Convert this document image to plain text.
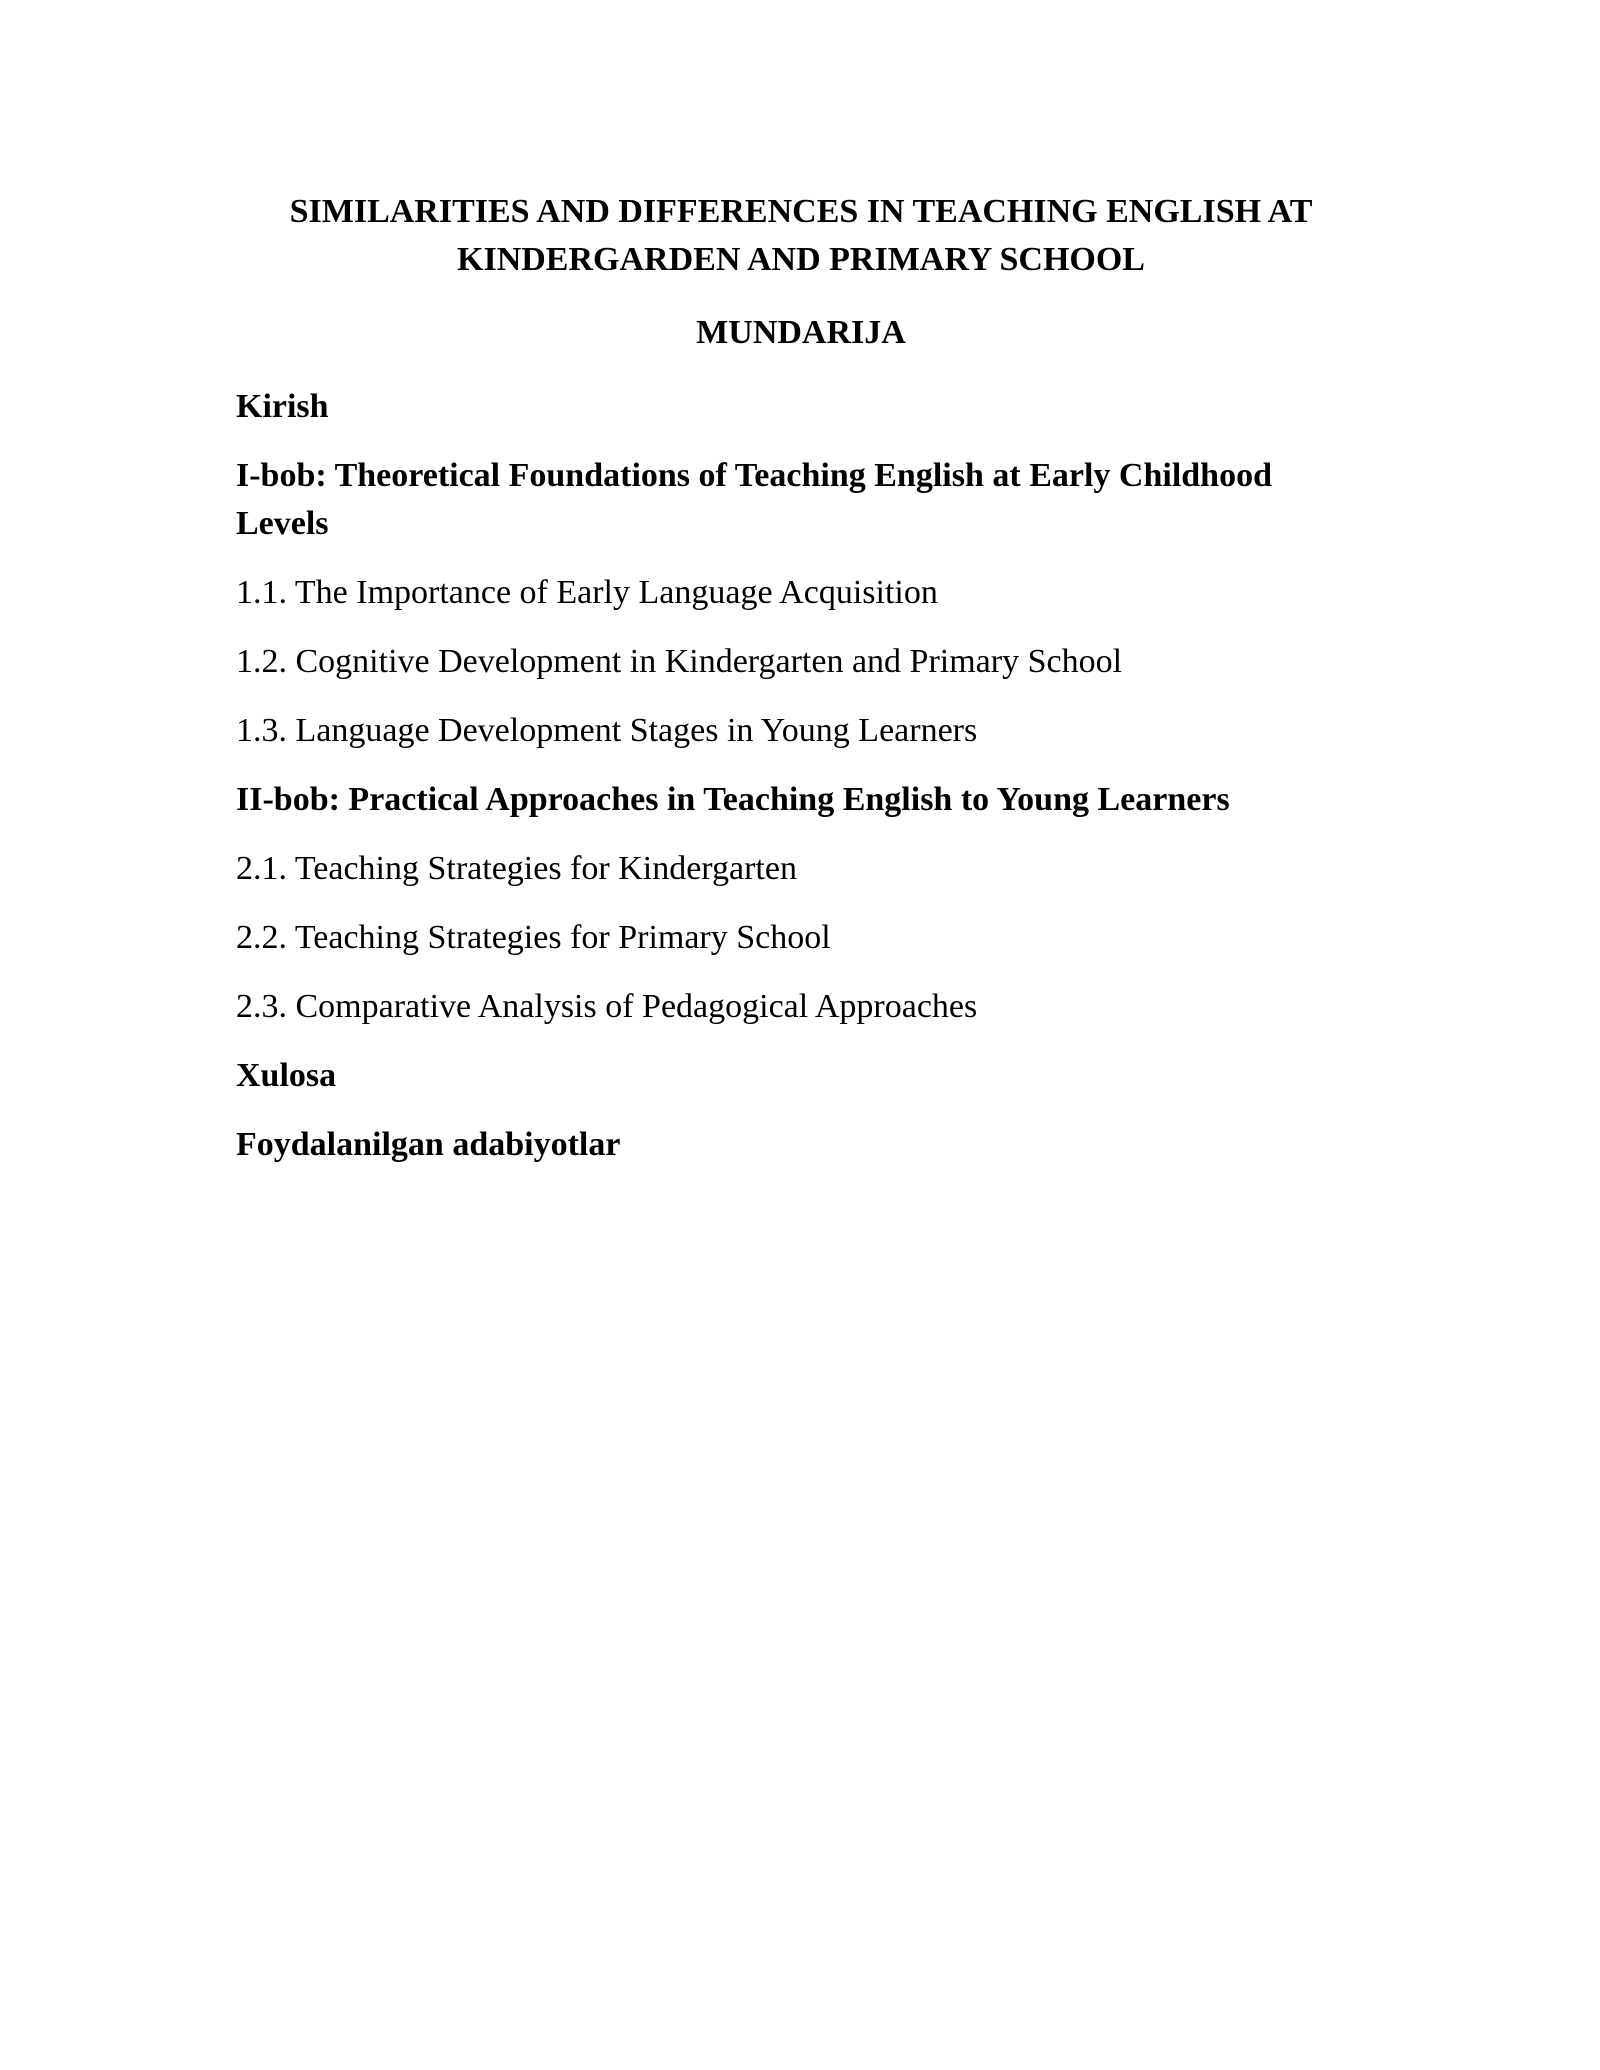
SIMILARITIES AND DIFFERENCES IN TEACHING ENGLISH AT
KINDERGARDEN AND PRIMARY SCHOOL
MUNDARIJA
Kirish
I-bob: Theoretical Foundations of Teaching English at Early Childhood Levels
1.1. The Importance of Early Language Acquisition
1.2. Cognitive Development in Kindergarten and Primary School
1.3. Language Development Stages in Young Learners
II-bob: Practical Approaches in Teaching English to Young Learners
2.1. Teaching Strategies for Kindergarten
2.2. Teaching Strategies for Primary School
2.3. Comparative Analysis of Pedagogical Approaches
Xulosa
Foydalanilgan adabiyotlar
